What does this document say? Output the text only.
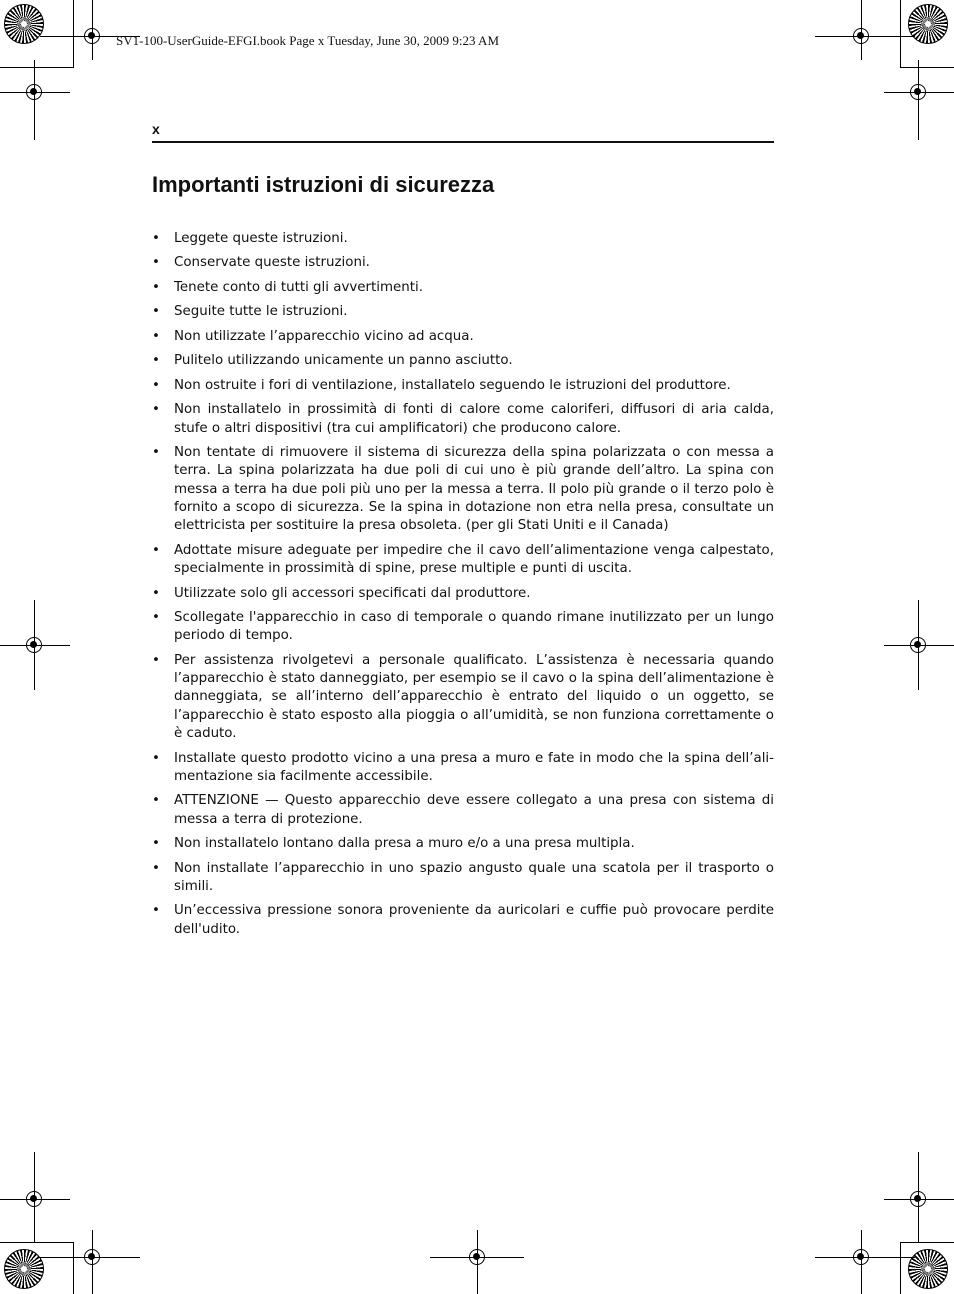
SV1-100-UserGuide-EFGI.book Page x Tuesday, June 30, 2009 9:23 AM
x
Importanti istruzioni di sicurezza
•	Leggete queste istruzioni.
•	Conservate queste istruzioni.
•	Tenete conto di tutti gli avvertimenti.
•	Seguite tutte le istruzioni.
•	Non utilizzate l’apparecchio vicino ad acqua.
•	Pulitelo utilizzando unicamente un panno asciutto.
•	Non ostruite i fori di ventilazione, installatelo seguendo le istruzioni del produttore.
•	Non installatelo in prossimità di fonti di calore come caloriferi, diffusori di aria calda, stufe o altri dispositivi (tra cui amplificatori) che producono calore.
•	Non tentate di rimuovere il sistema di sicurezza della spina polarizzata o con messa a terra. La spina polarizzata ha due poli di cui uno è più grande dell’altro. La spina con messa a terra ha due poli più uno per la messa a terra. Il polo più grande o il terzo polo è fornito a scopo di sicurezza. Se la spina in dotazione non etra nella presa, consultate un elettricista per sostituire la presa obsoleta. (per gli Stati Uniti e il Canada)
•	Adottate misure adeguate per impedire che il cavo dell’alimentazione venga calpestato, specialmente in prossimità di spine, prese multiple e punti di uscita.
•	Utilizzate solo gli accessori specificati dal produttore.
•	Scollegate l'apparecchio in caso di temporale o quando rimane inutilizzato per un lungo periodo di tempo.
•	Per assistenza rivolgetevi a personale qualificato. L’assistenza è necessaria quando l’apparecchio è stato danneggiato, per esempio se il cavo o la spina dell’alimentazione è danneggiata, se all’interno dell’apparecchio è entrato del liquido o un oggetto, se l’apparecchio è stato esposto alla pioggia o all’umidità, se non funziona correttamente o è caduto.
•	Installate questo prodotto vicino a una presa a muro e fate in modo che la spina dell’alimentazione sia facilmente accessibile.
•	ATTENZIONE — Questo apparecchio deve essere collegato a una presa con sistema di messa a terra di protezione.
•	Non installatelo lontano dalla presa a muro e/o a una presa multipla.
•	Non installate l’apparecchio in uno spazio angusto quale una scatola per il trasporto o simili.
•	Un’eccessiva pressione sonora proveniente da auricolari e cuffie può provocare perdite dell'udito.
